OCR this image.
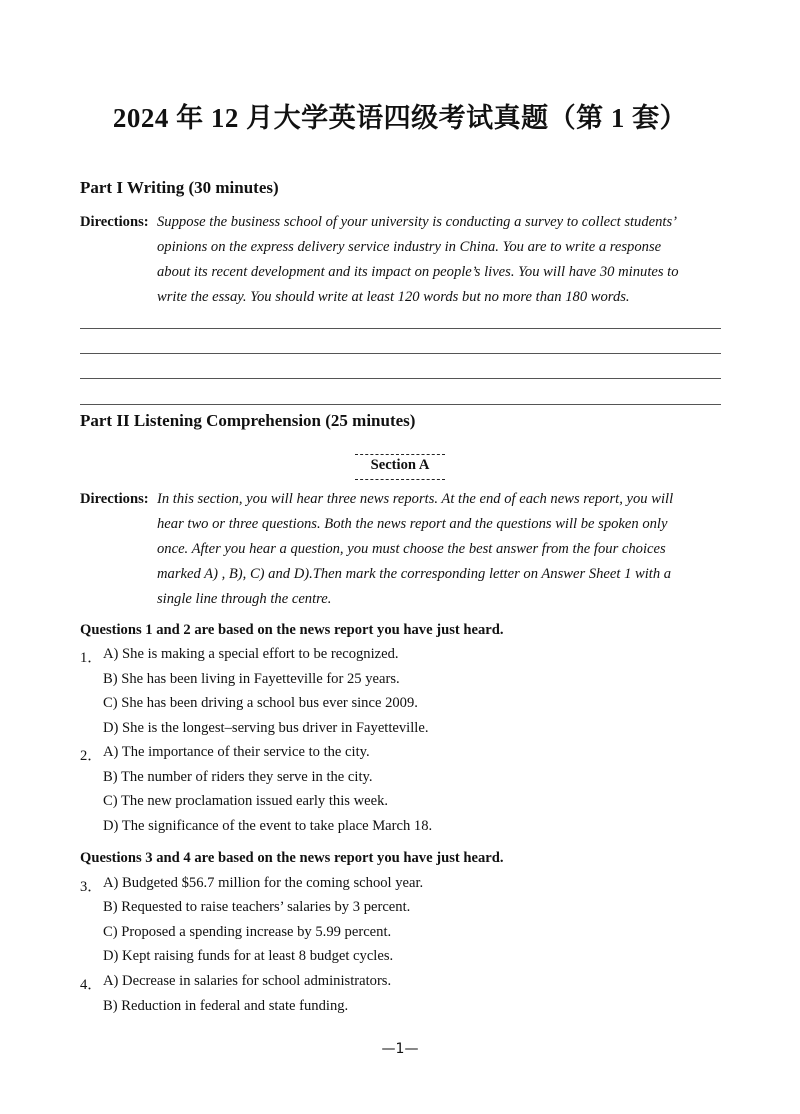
2024 年 12 月大学英语四级考试真题（第 1 套）
Part I Writing (30 minutes)
Directions: Suppose the business school of your university is conducting a survey to collect students’
opinions on the express delivery service industry in China. You are to write a response
about its recent development and its impact on people’s lives. You will have 30 minutes to
write the essay. You should write at least 120 words but no more than 180 words.
Part II Listening Comprehension (25 minutes)
Section A
Directions: In this section, you will hear three news reports. At the end of each news report, you will
hear two or three questions. Both the news report and the questions will be spoken only
once. After you hear a question, you must choose the best answer from the four choices
marked A) , B), C) and D).Then mark the corresponding letter on Answer Sheet 1 with a
single line through the centre.
Questions 1 and 2 are based on the news report you have just heard.
1． A) She is making a special effort to be recognized.
B) She has been living in Fayetteville for 25 years.
C) She has been driving a school bus ever since 2009.
D) She is the longest–serving bus driver in Fayetteville.
2． A) The importance of their service to the city.
B) The number of riders they serve in the city.
C) The new proclamation issued early this week.
D) The significance of the event to take place March 18.
Questions 3 and 4 are based on the news report you have just heard.
3． A) Budgeted $56.7 million for the coming school year.
B) Requested to raise teachers’ salaries by 3 percent.
C) Proposed a spending increase by 5.99 percent.
D) Kept raising funds for at least 8 budget cycles.
4． A) Decrease in salaries for school administrators.
B) Reduction in federal and state funding.
—1—
